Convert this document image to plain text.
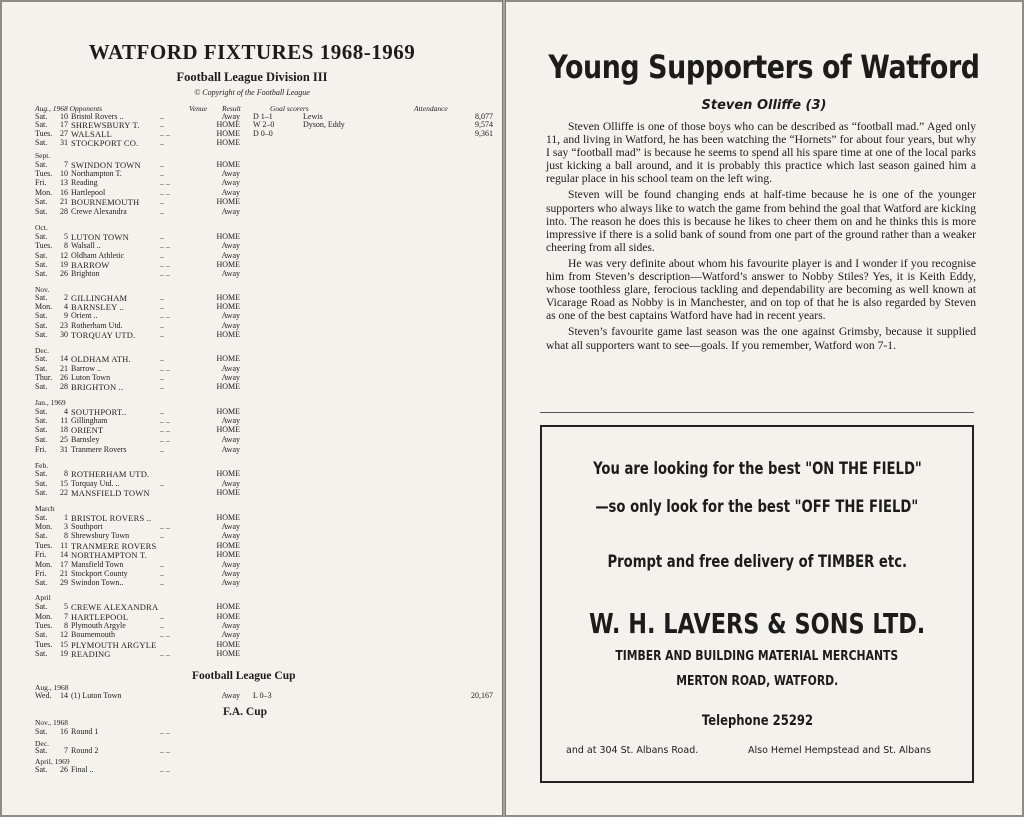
WATFORD FIXTURES 1968-1969
Football League Division III
© Copyright of the Football League
Aug., 1968 Opponents	Venue Result	Goal scorers	Attendance
Sat.	10 Bristol Rovers ..	..	Away D 1–1	Lewis	8,077
Sat.	17 SHREWSBURY T.	..	HOME W 2–0	Dyson, Eddy	9,574
Tues. 27 WALSALL	.. ..	HOME D 0–0	9,361
Sat.	31 STOCKPORT CO.	..	HOME
Sept.
Sat.	7 SWINDON TOWN ..	HOME
Tues. 10 Northampton T.	..	Away
Fri.	13 Reading	.. ..	Away
Mon. 16 Hartlepool	.. ..	Away
Sat.	21 BOURNEMOUTH	..	HOME
Sat.	28 Crewe Alexandra	..	Away
Oct.
Sat.	5 LUTON TOWN	..	HOME
Tues.	8 Walsall ..	.. ..	Away
Sat.	12 Oldham Athletic	..	Away
Sat.	19 BARROW	.. ..	HOME
Sat.	26 Brighton	.. ..	Away
Nov.
Sat.	2 GILLINGHAM	..	HOME
Mon.	4 BARNSLEY ..	..	HOME
Sat.	9 Orient ..	.. ..	Away
Sat.	23 Rotherham Utd.	..	Away
Sat.	30 TORQUAY UTD.	..	HOME
Dec.
Sat.	14 OLDHAM ATH.	..	HOME
Sat.	21 Barrow ..	.. ..	Away
Thur. 26 Luton Town	..	Away
Sat.	28 BRIGHTON ..	..	HOME
Jan., 1969
Sat.	4 SOUTHPORT..	..	HOME
Sat.	11 Gillingham	.. ..	Away
Sat.	18 ORIENT	.. ..	HOME
Sat.	25 Barnsley	.. ..	Away
Fri.	31 Tranmere Rovers	..	Away
Feb.
Sat.	8 ROTHERHAM UTD.	HOME
Sat.	15 Torquay Utd. ..	..	Away
Sat.	22 MANSFIELD TOWN	HOME
March
Sat.	1 BRISTOL ROVERS ..	HOME
Mon.	3 Southport	.. ..	Away
Sat.	8 Shrewsbury Town	..	Away
Tues.	11 TRANMERE ROVERS	HOME
Fri.	14 NORTHAMPTON T.	HOME
Mon. 17 Mansfield Town	..	Away
Fri.	21 Stockport County	..	Away
Sat.	29 Swindon Town..	..	Away
April
Sat.	5 CREWE ALEXANDRA	HOME
Mon.	7 HARTLEPOOL	..	HOME
Tues.	8 Plymouth Argyle	..	Away
Sat.	12 Bournemouth	.. ..	Away
Tues. 15 PLYMOUTH ARGYLE	HOME
Sat.	19 READING	.. ..	HOME
Aug., 1968
Wed.	14 (1) Luton Town	Away L 0–3	20,167
Nov., 1968
Sat.	16 Round 1	.. ..
Dec.
Sat.	7 Round 2	.. ..
April, 1969
Sat.	26 Final ..	.. ..
Football League Cup
F.A. Cup
Young Supporters of Watford
Steven Olliffe (3)

Steven Olliffe is one of those boys who can be described as “football mad.” Aged only 11, and living in Watford, he has been watching the “Hornets” for about four years, but why I say “football mad” is because he seems to spend all his spare time at one of the local parks just kicking a ball around, and it is probably this practice which last season gained him a regular place in his school team on the left wing.

Steven will be found changing ends at half-time because he is one of the younger supporters who always like to watch the game from behind the goal that Watford are kicking into. The reason he does this is because he likes to cheer them on and he thinks this is more impressive if there is a solid bank of sound from one part of the ground rather than a weaker cheering from all sides.

He was very definite about whom his favourite player is and I wonder if you recognise him from Steven’s description—Watford’s answer to Nobby Stiles? Yes, it is Keith Eddy, whose toothless glare, ferocious tackling and dependability are becoming as well known at Vicarage Road as Nobby is in Manchester, and on top of that he is also regarded by Steven as one of the best captains Watford have had in recent years.

Steven’s favourite game last season was the one against Grimsby, because it supplied what all supporters want to see—goals. If you remember, Watford won 7-1.

You are looking for the best "ON THE FIELD"
—so only look for the best "OFF THE FIELD"
Prompt and free delivery of TIMBER etc.
W. H. LAVERS & SONS LTD.
TIMBER AND BUILDING MATERIAL MERCHANTS
MERTON ROAD, WATFORD.
Telephone 25292
and at 304 St. Albans Road.	Also Hemel Hempstead and St. Albans
